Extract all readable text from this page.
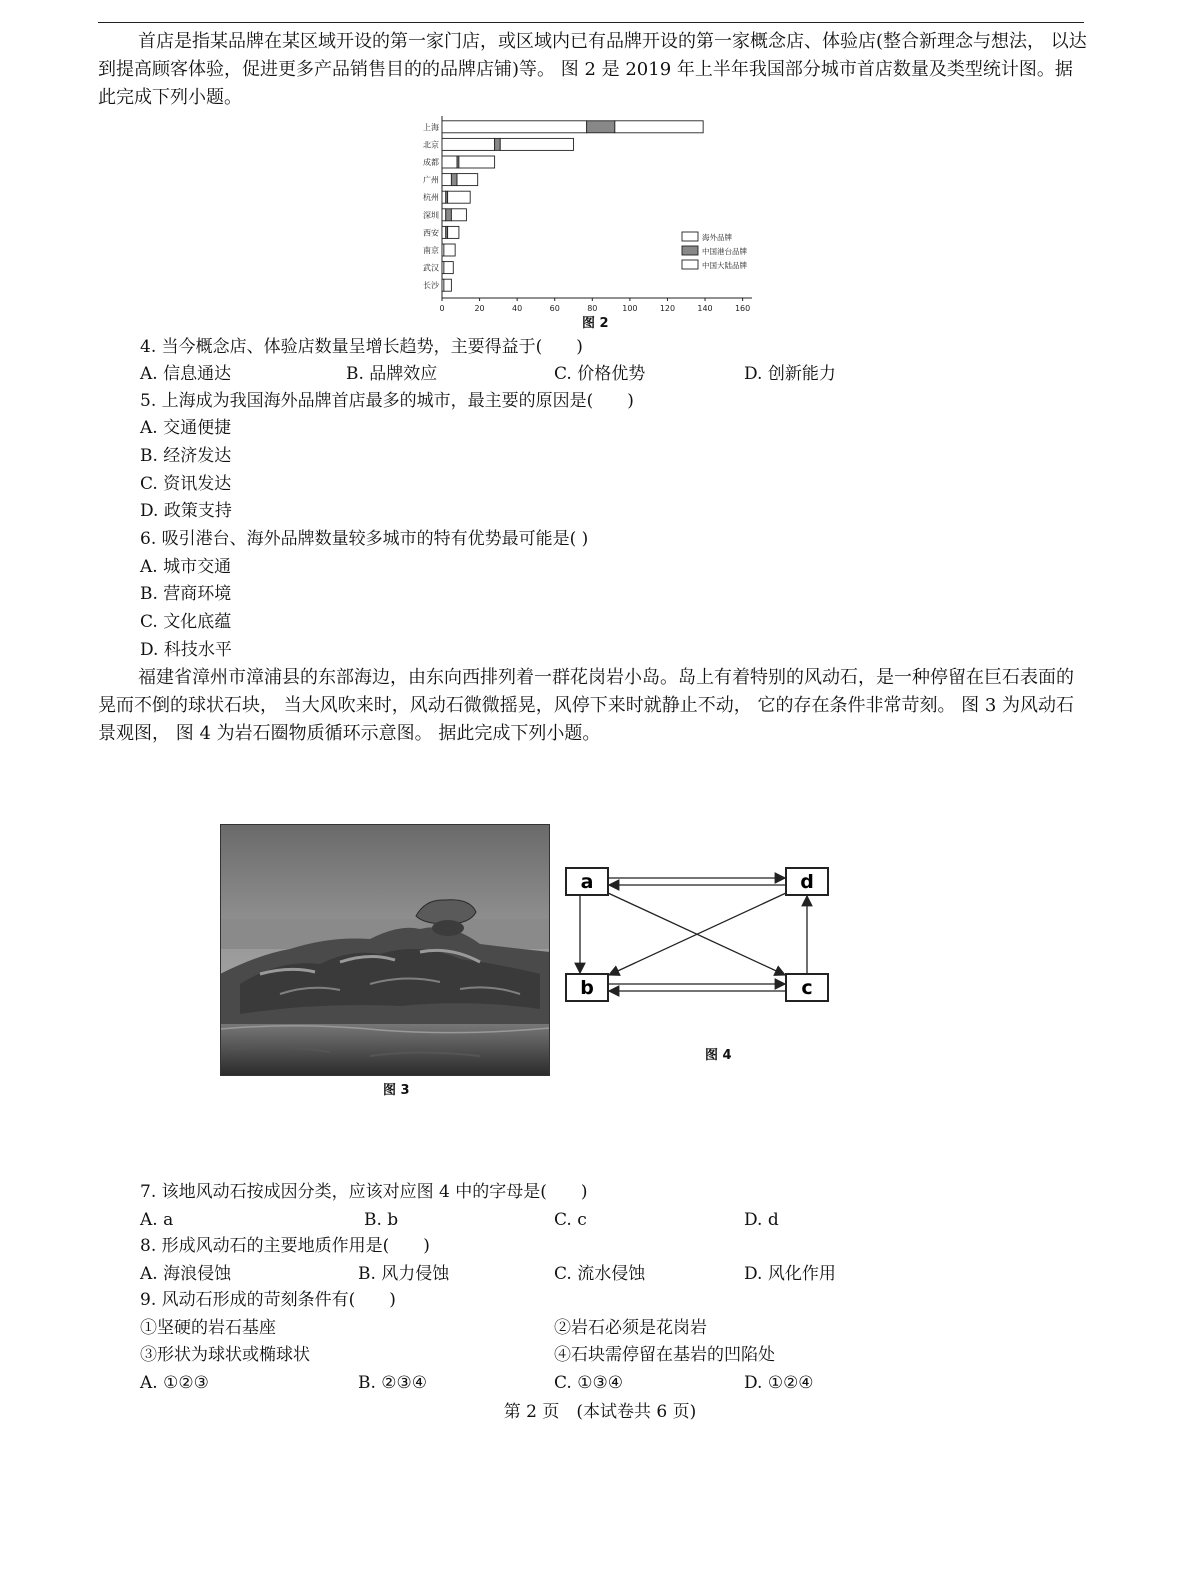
首店是指某品牌在某区域开设的第一家门店，或区域内已有品牌开设的第一家概念店、体验店(整合新理念与想法， 以达到提高顾客体验，促进更多产品销售目的的品牌店铺)等。 图 2 是 2019 年上半年我国部分城市首店数量及类型统计图。据此完成下列小题。

0	20	40	60	80	100	120	140	160
上海
北京
成都
广州
杭州
深圳
西安
南京
武汉
长沙
海外品牌
中国港台品牌
中国大陆品牌
图 2
4. 当今概念店、体验店数量呈增长趋势，主要得益于(　　)
A. 信息通达	B. 品牌效应	C. 价格优势	D. 创新能力
5. 上海成为我国海外品牌首店最多的城市，最主要的原因是(　　)
A. 交通便捷
B. 经济发达
C. 资讯发达
D. 政策支持
6. 吸引港台、海外品牌数量较多城市的特有优势最可能是( )
A. 城市交通
B. 营商环境
C. 文化底蕴
D. 科技水平

福建省漳州市漳浦县的东部海边，由东向西排列着一群花岗岩小岛。岛上有着特别的风动石，是一种停留在巨石表面的晃而不倒的球状石块， 当大风吹来时，风动石微微摇晃，风停下来时就静止不动， 它的存在条件非常苛刻。 图 3 为风动石景观图， 图 4 为岩石圈物质循环示意图。 据此完成下列小题。

图 3
a	d
b	c
图 4
7. 该地风动石按成因分类，应该对应图 4 中的字母是(　　)
A. a	B. b	C. c	D. d
8. 形成风动石的主要地质作用是(　　)
A. 海浪侵蚀	B. 风力侵蚀	C. 流水侵蚀	D. 风化作用
9. 风动石形成的苛刻条件有(　　)
①坚硬的岩石基座	②岩石必须是花岗岩
③形状为球状或椭球状	④石块需停留在基岩的凹陷处
A. ①②③	B. ②③④	C. ①③④	D. ①②④
第 2 页　(本试卷共 6 页)
